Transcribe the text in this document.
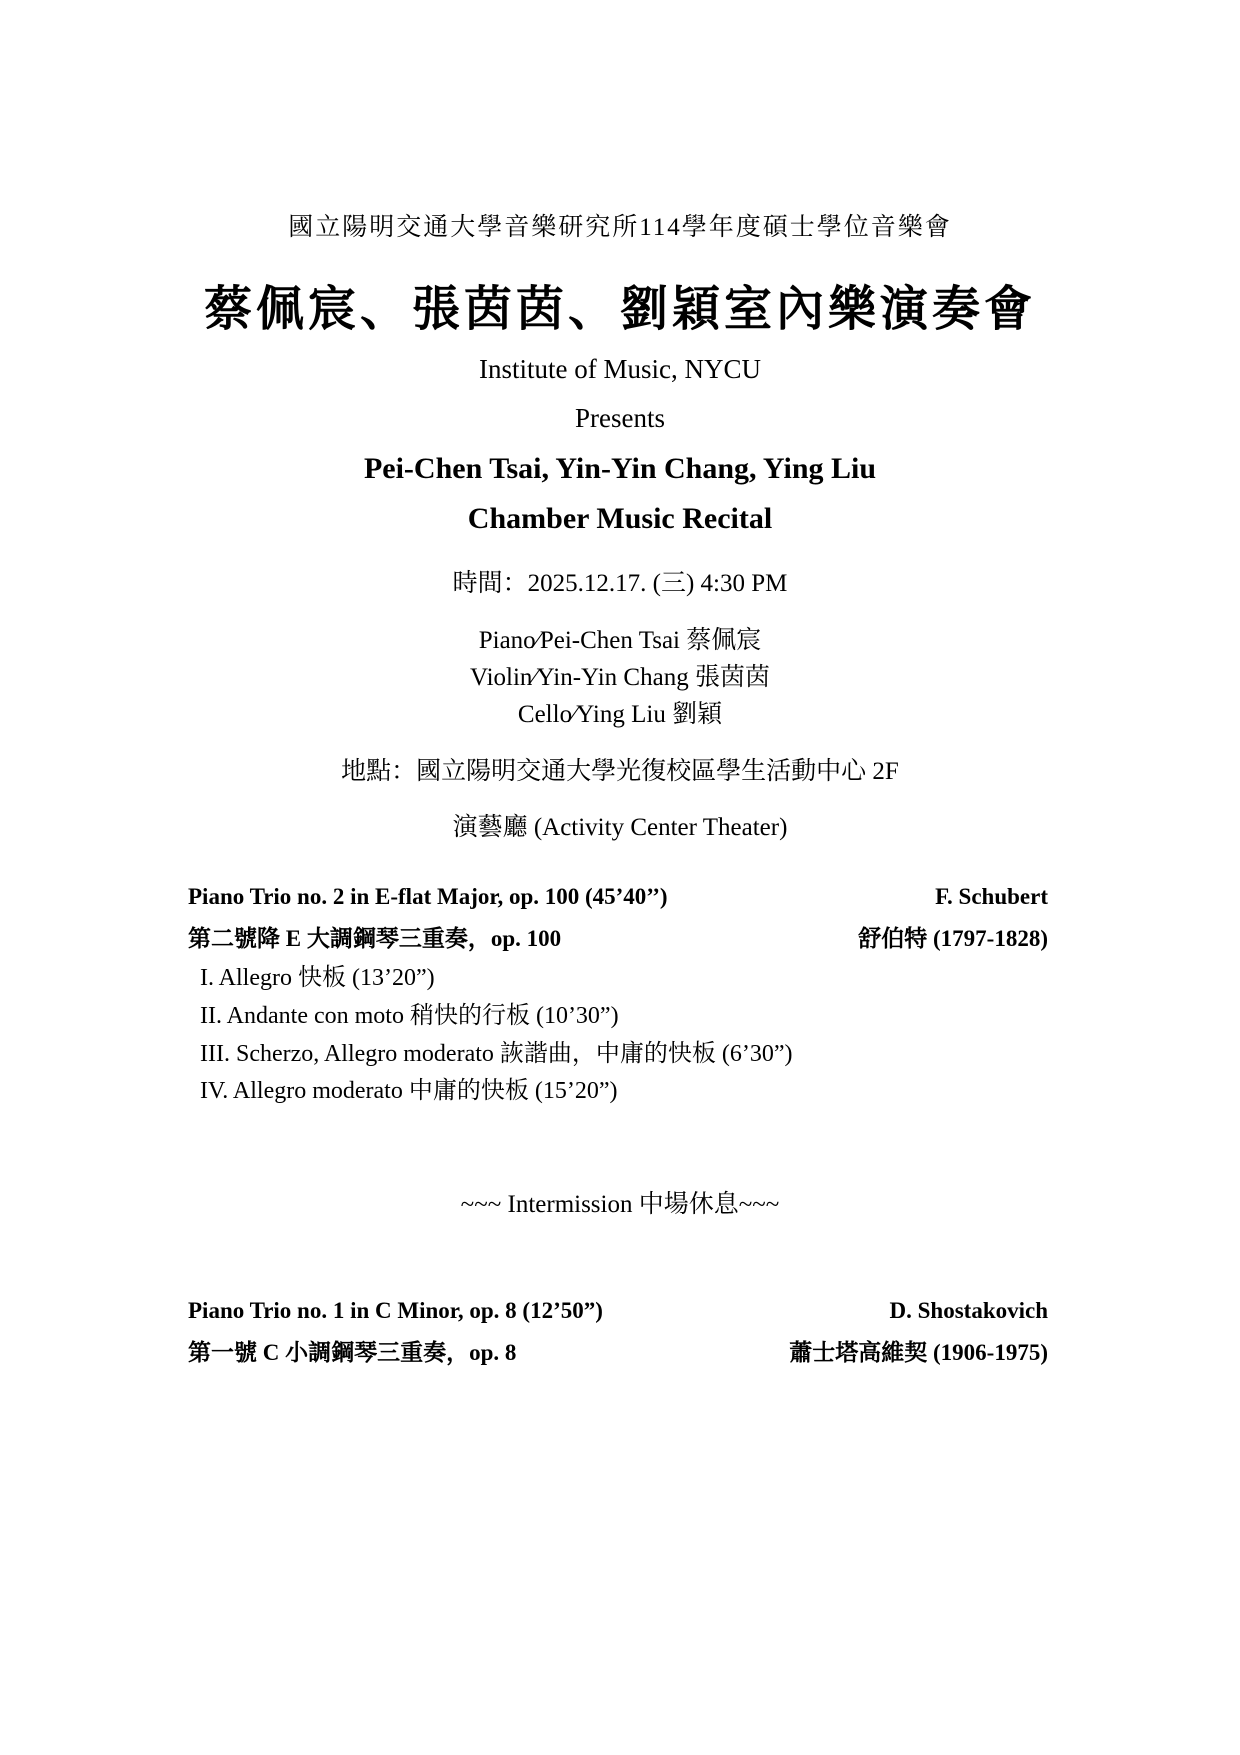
國立陽明交通大學音樂研究所114學年度碩士學位音樂會
蔡佩宸、張茵茵、劉穎室內樂演奏會
Institute of Music, NYCU
Presents
Pei-Chen Tsai, Yin-Yin Chang, Ying Liu
Chamber Music Recital
時間：2025.12.17. (三) 4:30 PM
Piano⁄Pei-Chen Tsai 蔡佩宸
Violin⁄Yin-Yin Chang 張茵茵
Cello⁄Ying Liu 劉穎
地點：國立陽明交通大學光復校區學生活動中心 2F
演藝廳 (Activity Center Theater)
Piano Trio no. 2 in E-flat Major, op. 100 (45’40’’)	F. Schubert
第二號降 E 大調鋼琴三重奏，op. 100	舒伯特 (1797-1828)
I. Allegro 快板 (13’20”)
II. Andante con moto 稍快的行板 (10’30”)
III. Scherzo, Allegro moderato 詼諧曲，中庸的快板 (6’30”)
IV. Allegro moderato 中庸的快板 (15’20”)
~~~ Intermission 中場休息~~~
Piano Trio no. 1 in C Minor, op. 8 (12’50”)	D. Shostakovich
第一號 C 小調鋼琴三重奏，op. 8	蕭士塔高維契 (1906-1975)
